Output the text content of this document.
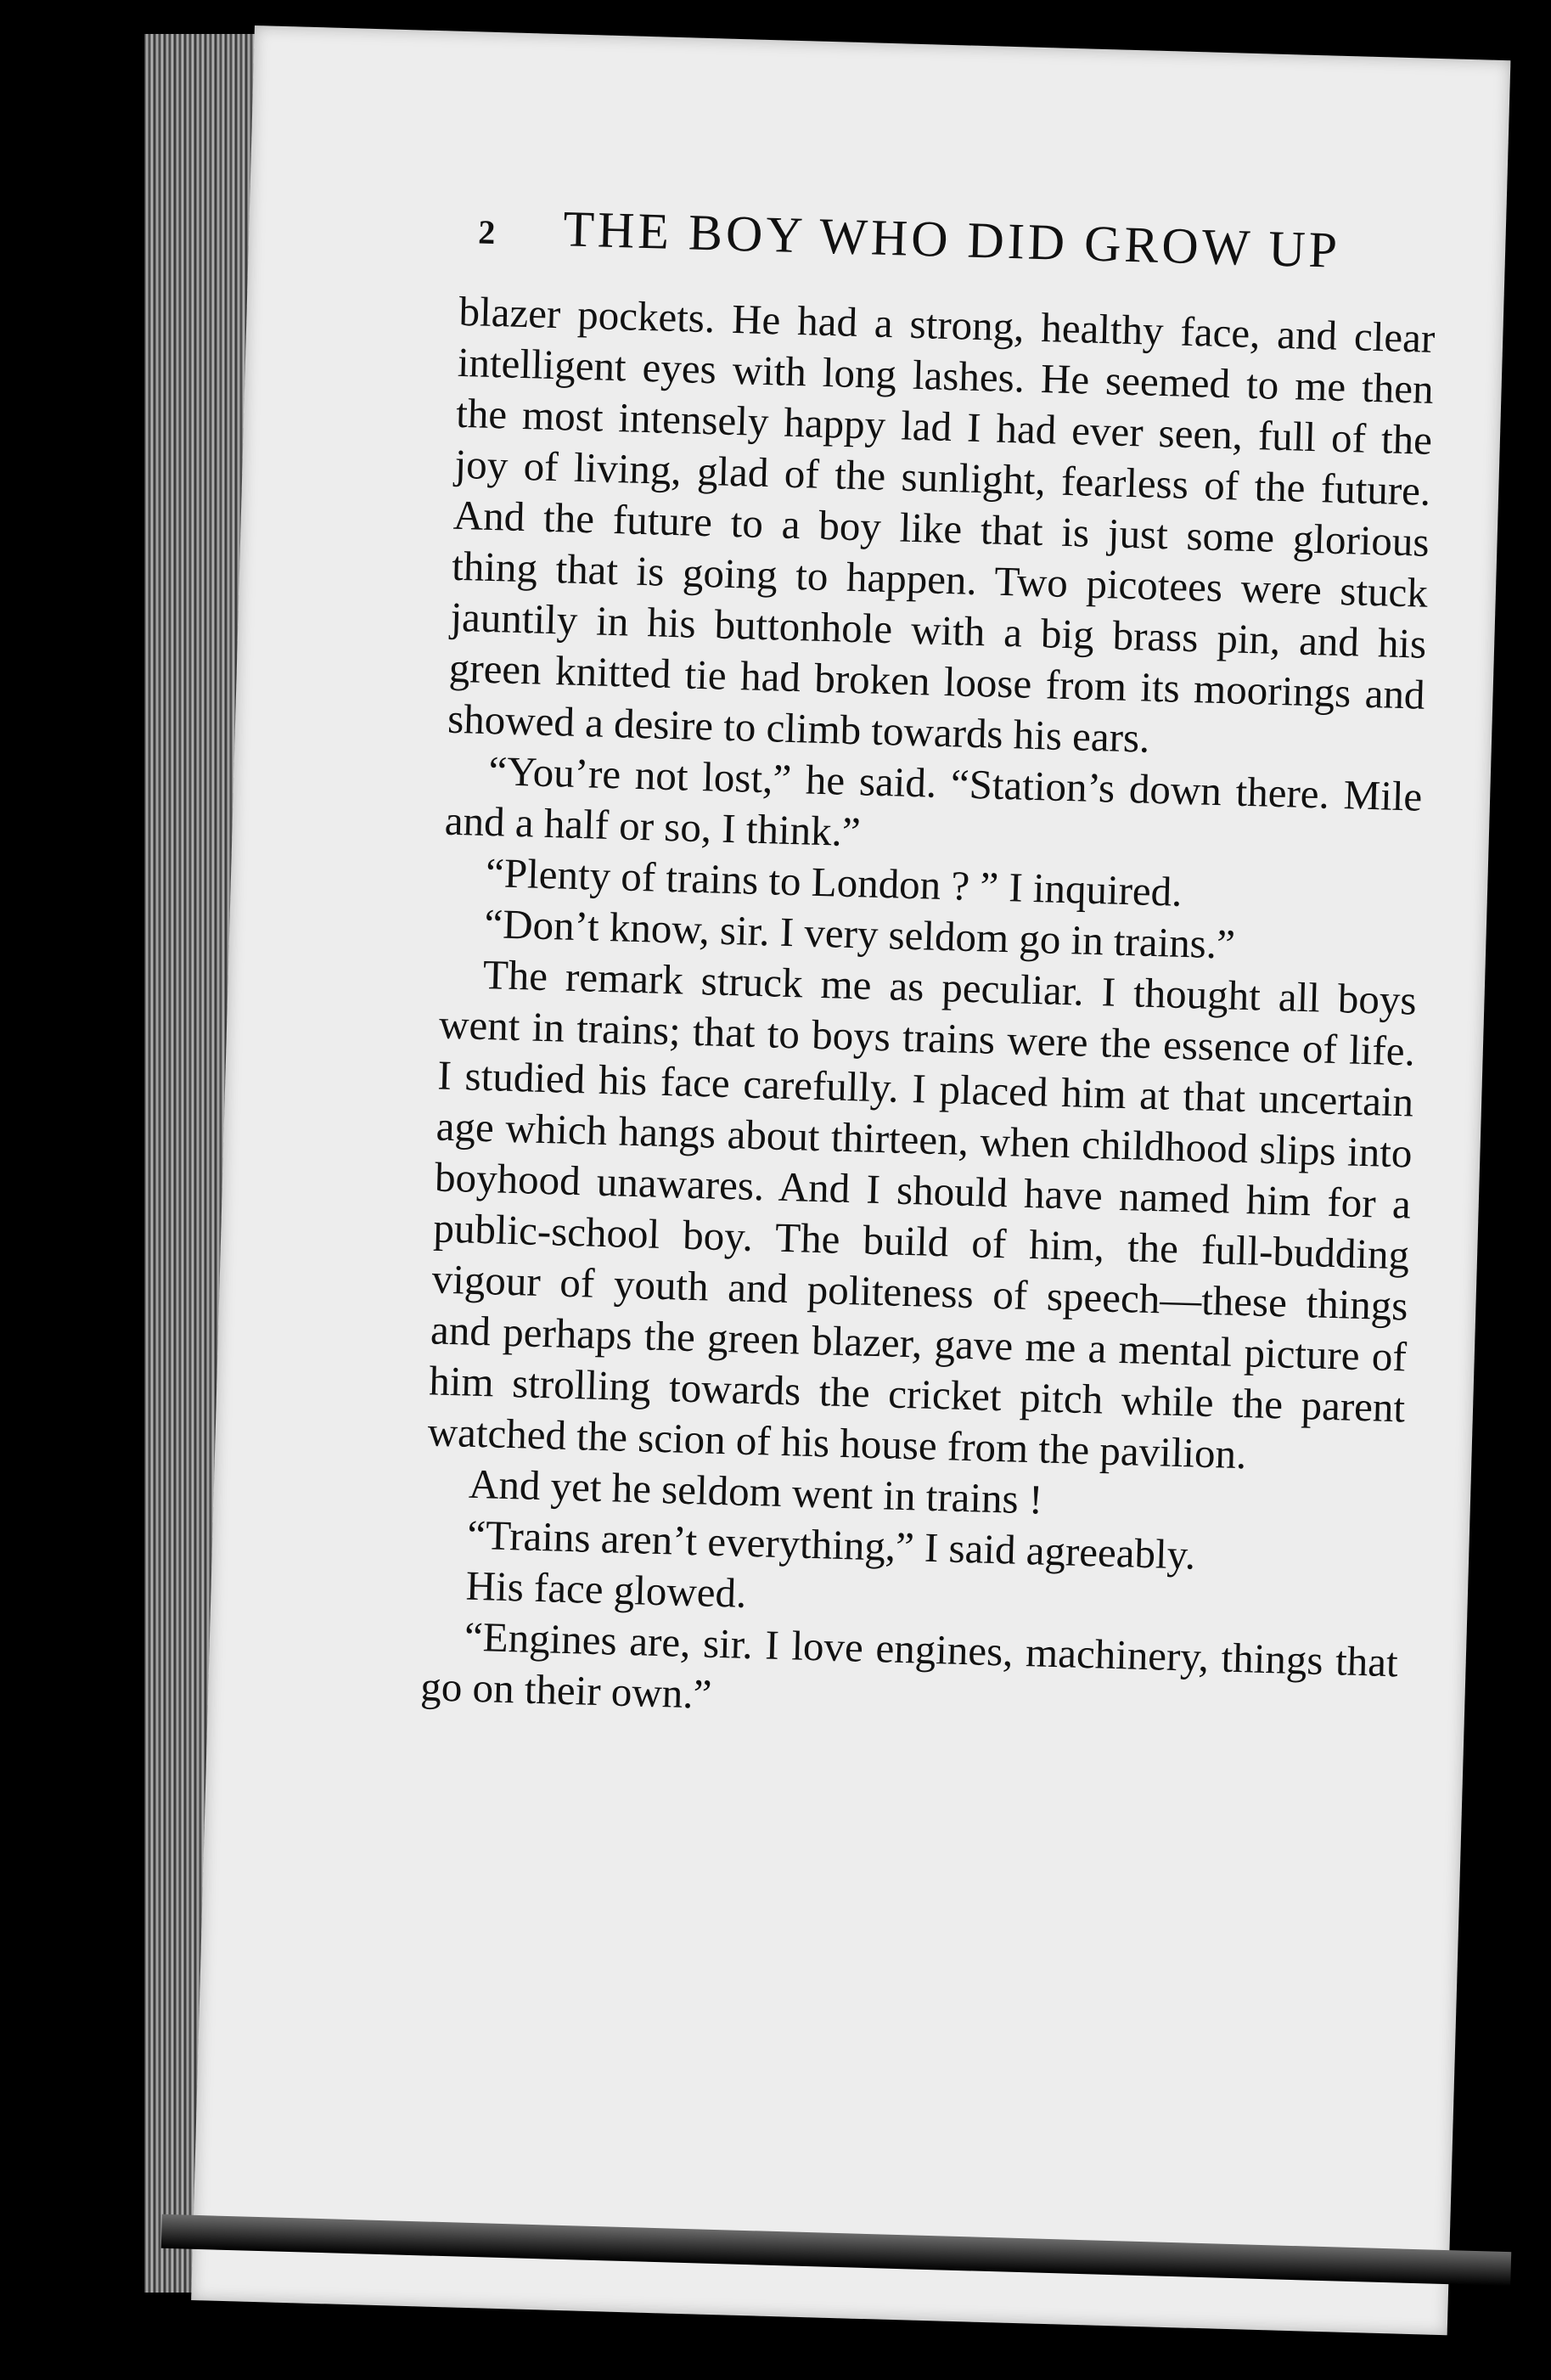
2	THE BOY WHO DID GROW UP

blazer pockets. He had a strong, healthy face, and clear intelligent eyes with long lashes. He seemed to me then the most intensely happy lad I had ever seen, full of the joy of living, glad of the sunlight, fearless of the future. And the future to a boy like that is just some glorious thing that is going to happen. Two picotees were stuck jauntily in his buttonhole with a big brass pin, and his green knitted tie had broken loose from its moorings and showed a desire to climb towards his ears.

“You’re not lost,” he said. “Station’s down there. Mile and a half or so, I think.”

“Plenty of trains to London ? ” I inquired.

“Don’t know, sir. I very seldom go in trains.”

The remark struck me as peculiar. I thought all boys went in trains; that to boys trains were the essence of life. I studied his face carefully. I placed him at that uncertain age which hangs about thirteen, when childhood slips into boyhood unawares. And I should have named him for a public-school boy. The build of him, the full-budding vigour of youth and politeness of speech—these things and perhaps the green blazer, gave me a mental picture of him strolling towards the cricket pitch while the parent watched the scion of his house from the pavilion.

And yet he seldom went in trains !

“Trains aren’t everything,” I said agreeably.

His face glowed.

“Engines are, sir. I love engines, machinery, things that go on their own.”
